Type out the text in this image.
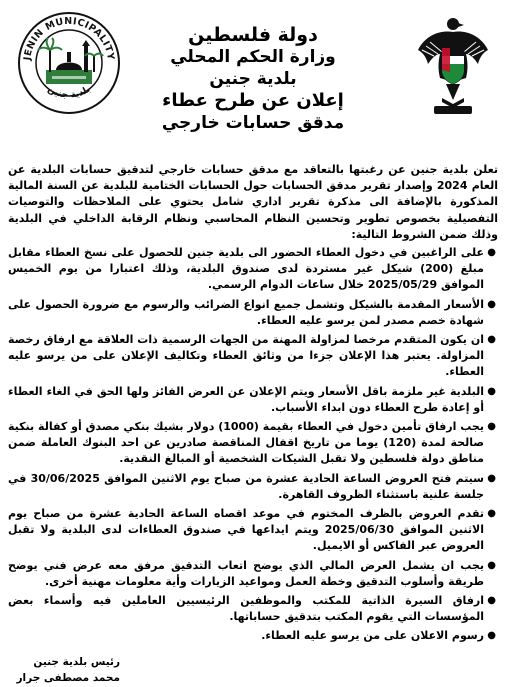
دولة فلسطين
وزارة الحكم المحلي
بلدية جنين
إعلان عن طرح عطاء
مدقق حسابات خارجي
JENIN MUNICIPALITY
بلدية جنين

تعلن بلدية جنين عن رغبتها بالتعاقد مع مدقق حسابات خارجي لتدقيق حسابات البلدية عن العام 2024 وإصدار تقرير مدقق الحسابات حول الحسابات الختامية للبلدية عن السنة المالية المذكورة بالإضافة الى مذكرة تقرير اداري شامل يحتوي على الملاحظات والتوصيات التفصيلية بخصوص تطوير وتحسين النظام المحاسبي ونظام الرقابة الداخلي في البلدية وذلك ضمن الشروط التالية:

●
على الراغبين في دخول العطاء الحضور الى بلدية جنين للحصول على نسخ العطاء مقابل مبلغ (200) شيكل غير مستردة لدى صندوق البلدية، وذلك اعتبارا من يوم الخميس الموافق 2025/05/29 خلال ساعات الدوام الرسمي.
●
الأسعار المقدمة بالشيكل وتشمل جميع انواع الضرائب والرسوم مع ضرورة الحصول على شهادة خصم مصدر لمن يرسو عليه العطاء.
●
ان يكون المتقدم مرخصا لمزاولة المهنة من الجهات الرسمية ذات العلاقة مع ارفاق رخصة المزاولة. يعتبر هذا الإعلان جزءا من وثائق العطاء وتكاليف الإعلان على من يرسو عليه العطاء.
●
البلدية غير ملزمة باقل الأسعار ويتم الإعلان عن العرض الفائز ولها الحق في الغاء العطاء أو إعادة طرح العطاء دون ابداء الأسباب.
●
يجب ارفاق تأمين دخول في العطاء بقيمة (1000) دولار بشيك بنكي مصدق أو كفالة بنكية صالحة لمدة (120) يوما من تاريخ اقفال المناقصة صادرين عن احد البنوك العاملة ضمن مناطق دولة فلسطين ولا تقبل الشيكات الشخصية أو المبالغ النقدية.
●
سيتم فتح العروض الساعة الحادية عشرة من صباح يوم الاثنين الموافق 30/06/2025 في جلسة علنية باستثناء الظروف القاهرة.
●
تقدم العروض بالظرف المختوم في موعد اقصاه الساعة الحادية عشرة من صباح يوم الاثنين الموافق 2025/06/30 ويتم ايداعها في صندوق العطاءات لدى البلدية ولا تقبل العروض عبر الفاكس أو الايميل.
●
يجب ان يشمل العرض المالي الذي يوضح اتعاب التدقيق مرفق معه عرض فني يوضح طريقة وأسلوب التدقيق وخطة العمل ومواعيد الزيارات وأية معلومات مهنية أخرى.
●
ارفاق السيرة الذاتية للمكتب والموظفين الرئيسيين العاملين فيه وأسماء بعض المؤسسات التي يقوم المكتب بتدقيق حساباتها.
●
رسوم الاعلان على من يرسو عليه العطاء.
رئيس بلدية جنين
محمد مصطفى جرار
